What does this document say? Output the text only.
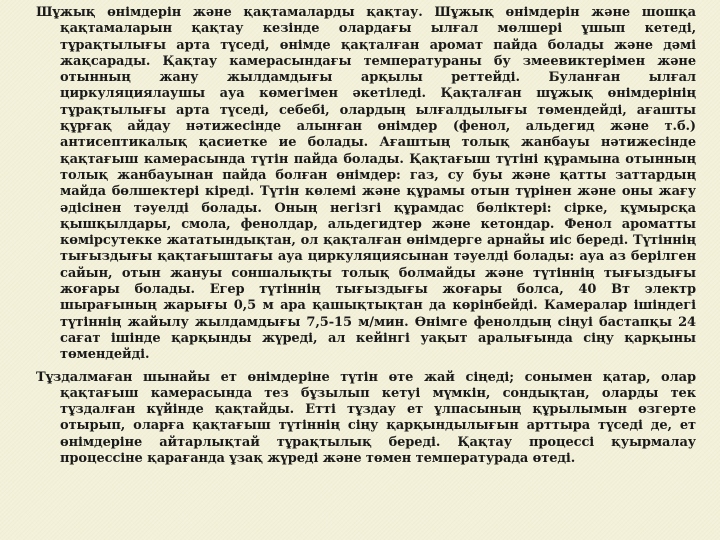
Шұжық өнімдерін және қақтамаларды қақтау. Шұжық өнімдерін және шошқа қақтамаларын қақтау кезінде олардағы ылғал мөлшері ұшып кетеді, тұрақтылығы арта түседі, өнімде қақталған аромат пайда болады және дәмі жақсарады. Қақтау камерасындағы температураны бу змеевиктерімен және отынның жану жылдамдығы арқылы реттейді. Буланған ылғал циркуляциялаушы ауа көмегімен әкетіледі. Қақталған шұжық өнімдерінің тұрақтылығы арта түседі, себебі, олардың ылғалдылығы төмендейді, ағашты құрғақ айдау нәтижесінде алынған өнімдер (фенол, альдегид және т.б.) антисептикалық қасиетке ие болады. Ағаштың толық жанбауы нәтижесінде қақтағыш камерасында түтін пайда болады. Қақтағыш түтіні құрамына отынның толық жанбауынан пайда болған өнімдер: газ, су буы және қатты заттардың майда бөлшектері кіреді. Түтін көлемі және құрамы отын түрінен және оны жағу әдісінен тәуелді болады. Оның негізгі құрамдас бөліктері: сірке, құмырсқа қышқылдары, смола, фенолдар, альдегидтер және кетондар. Фенол ароматты көмірсутекке жататындықтан, ол қақталған өнімдерге арнайы иіс береді. Түтіннің тығыздығы қақтағыштағы ауа циркуляциясынан тәуелді болады: ауа аз берілген сайын, отын жануы соншалықты толық болмайды және түтіннің тығыздығы жоғары болады. Егер түтіннің тығыздығы жоғары болса, 40 Вт электр шырағының жарығы 0,5 м ара қашықтықтан да көрінбейді. Камералар ішіндегі түтіннің жайылу жылдамдығы 7,5-15 м/мин. Өнімге фенолдың сіңуі бастапқы 24 сағат ішінде қарқынды жүреді, ал кейінгі уақыт аралығында сіңу қарқыны төмендейді.

Тұздалмаған шынайы ет өнімдеріне түтін өте жай сіңеді; сонымен қатар, олар қақтағыш камерасында тез бұзылып кетуі мүмкін, сондықтан, оларды тек тұздалған күйінде қақтайды. Етті тұздау ет ұлпасының құрылымын өзгерте отырып, оларға қақтағыш түтіннің сіңу қарқындылығын арттыра түседі де, ет өнімдеріне айтарлықтай тұрақтылық береді. Қақтау процессі қуырмалау процессіне қарағанда ұзақ жүреді және төмен температурада өтеді.
